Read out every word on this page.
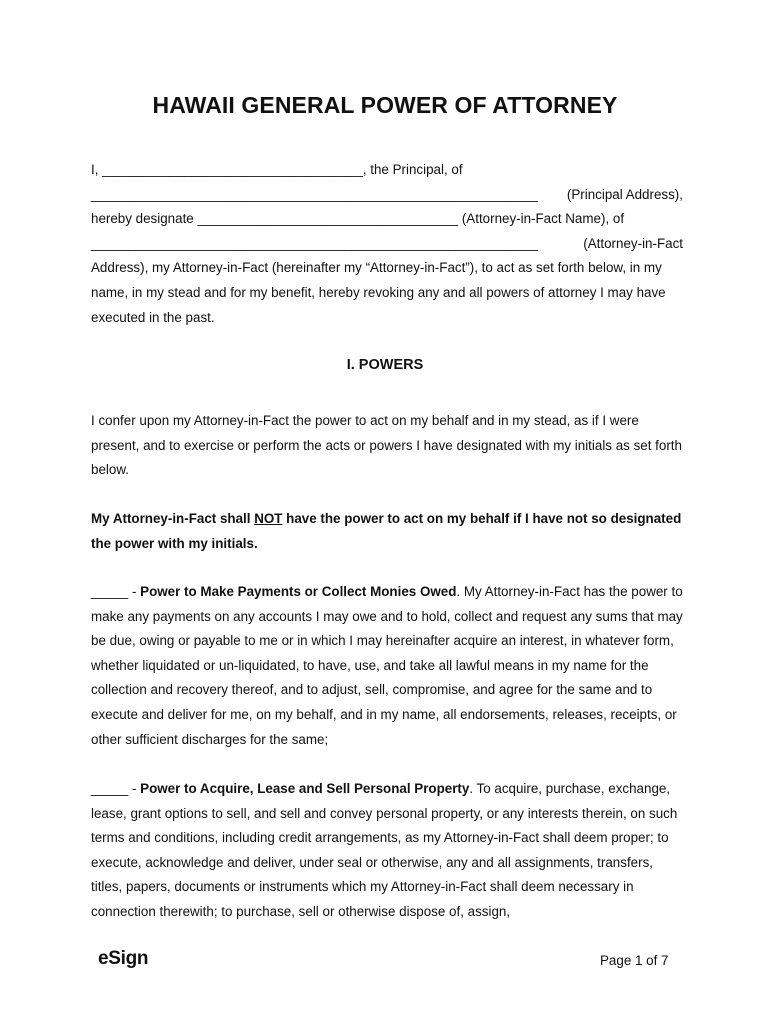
HAWAII GENERAL POWER OF ATTORNEY

I, ___________________________________, the Principal, of

____________________________________________________________ (Principal Address),

hereby designate ___________________________________ (Attorney-in-Fact Name), of

____________________________________________________________	(Attorney-in-Fact

Address), my Attorney-in-Fact (hereinafter my “Attorney-in-Fact”), to act as set forth below, in my name, in my stead and for my benefit, hereby revoking any and all powers of attorney I may have executed in the past.

I. POWERS

I confer upon my Attorney-in-Fact the power to act on my behalf and in my stead, as if I were present, and to exercise or perform the acts or powers I have designated with my initials as set forth below.

My Attorney-in-Fact shall NOT have the power to act on my behalf if I have not so designated the power with my initials.

_____ - Power to Make Payments or Collect Monies Owed. My Attorney-in-Fact has the power to make any payments on any accounts I may owe and to hold, collect and request any sums that may be due, owing or payable to me or in which I may hereinafter acquire an interest, in whatever form, whether liquidated or un-liquidated, to have, use, and take all lawful means in my name for the collection and recovery thereof, and to adjust, sell, compromise, and agree for the same and to execute and deliver for me, on my behalf, and in my name, all endorsements, releases, receipts, or other sufficient discharges for the same;

_____ - Power to Acquire, Lease and Sell Personal Property. To acquire, purchase, exchange, lease, grant options to sell, and sell and convey personal property, or any interests therein, on such terms and conditions, including credit arrangements, as my Attorney-in-Fact shall deem proper; to execute, acknowledge and deliver, under seal or otherwise, any and all assignments, transfers, titles, papers, documents or instruments which my Attorney-in-Fact shall deem necessary in connection therewith; to purchase, sell or otherwise dispose of, assign,

eSign	Page 1 of 7
